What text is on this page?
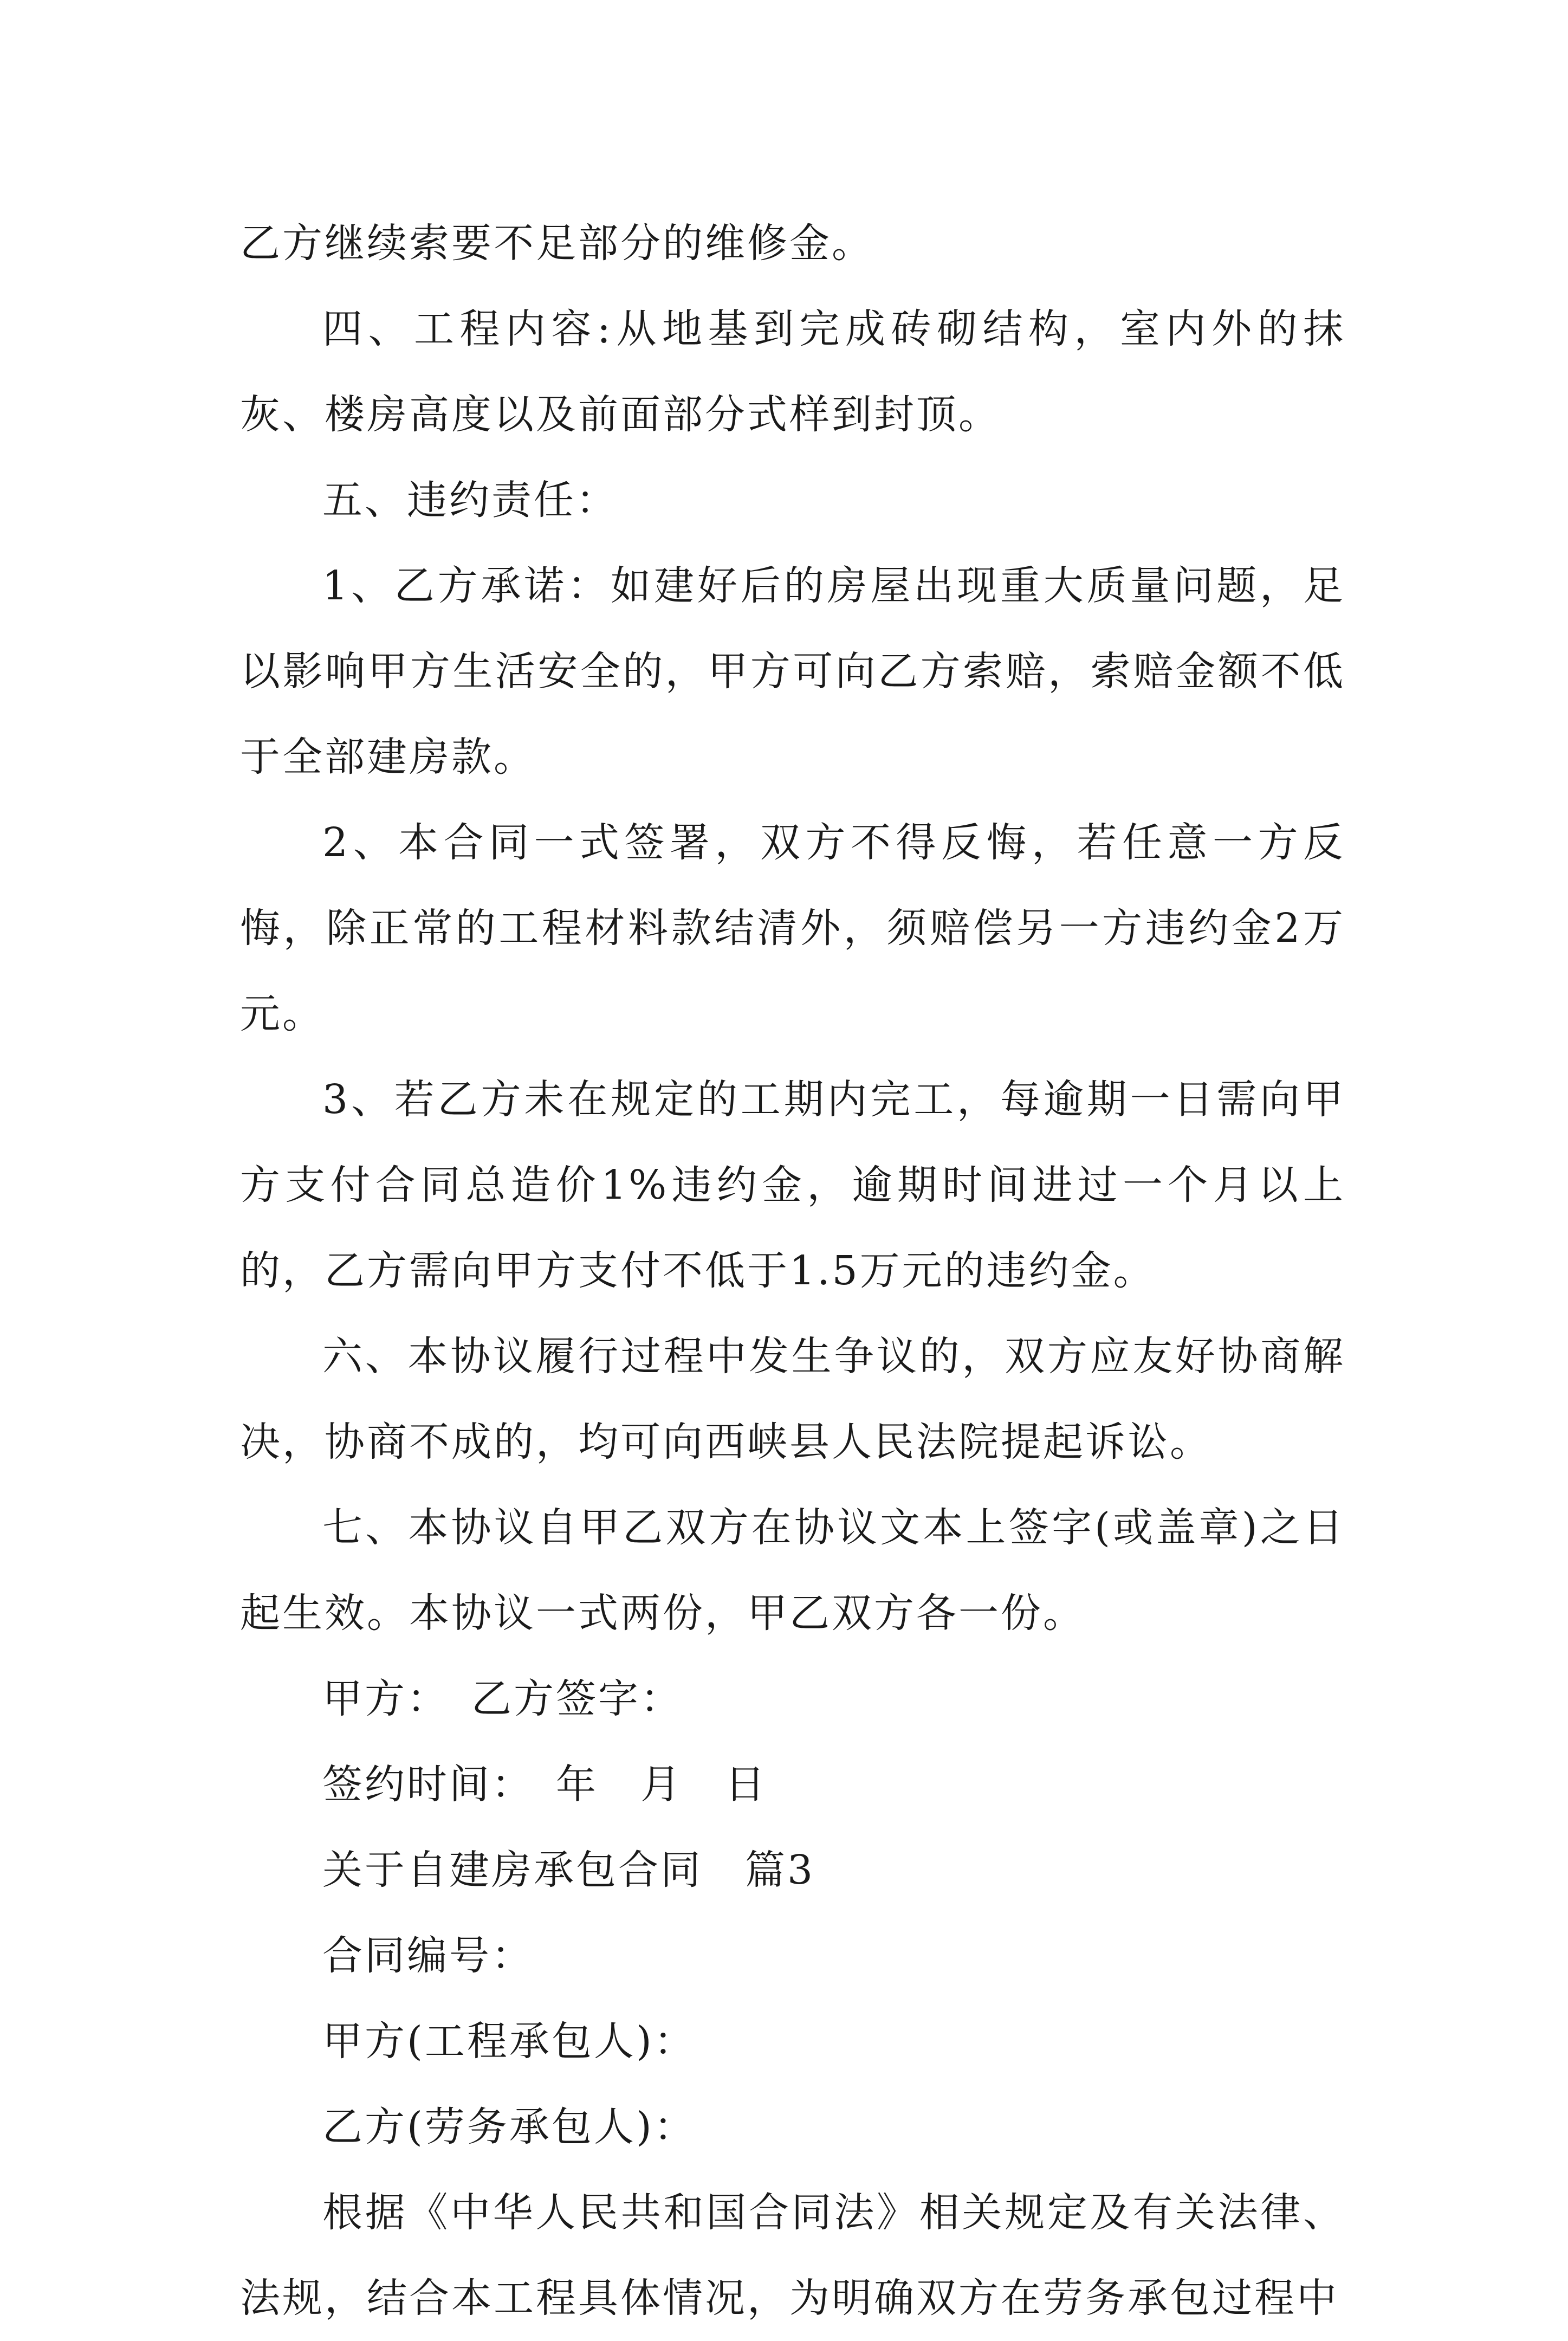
乙方继续索要不足部分的维修金。

四、工程内容:从地基到完成砖砌结构，室内外的抹灰、楼房高度以及前面部分式样到封顶。

五、违约责任：

1、乙方承诺：如建好后的房屋出现重大质量问题，足以影响甲方生活安全的，甲方可向乙方索赔，索赔金额不低于全部建房款。

2、本合同一式签署，双方不得反悔，若任意一方反悔，除正常的工程材料款结清外，须赔偿另一方违约金2万元。

3、若乙方未在规定的工期内完工，每逾期一日需向甲方支付合同总造价1%违约金，逾期时间进过一个月以上的，乙方需向甲方支付不低于1.5万元的违约金。

六、本协议履行过程中发生争议的，双方应友好协商解决，协商不成的，均可向西峡县人民法院提起诉讼。

七、本协议自甲乙双方在协议文本上签字(或盖章)之日起生效。本协议一式两份，甲乙双方各一份。

甲方：　乙方签字：

签约时间：　年　月　日

关于自建房承包合同　篇3

合同编号：

甲方(工程承包人)：

乙方(劳务承包人)：

根据《中华人民共和国合同法》相关规定及有关法律、法规，结合本工程具体情况，为明确双方在劳务承包过程中
